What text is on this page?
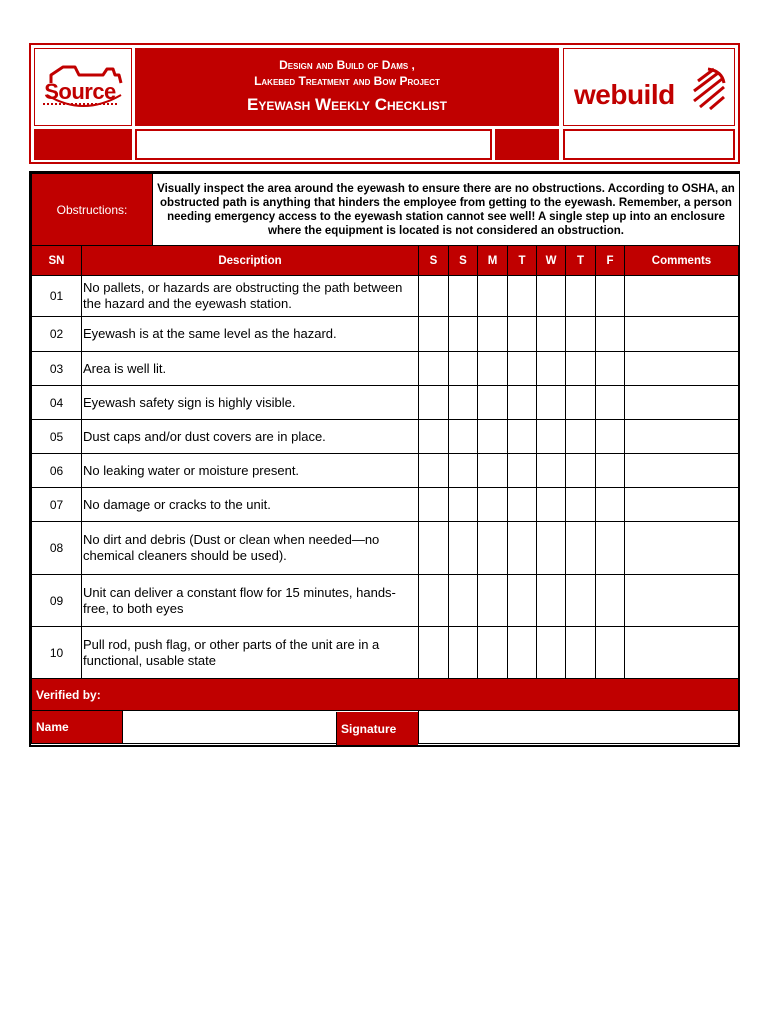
Source
Design and Build of Dams ,
Lakebed Treatment and Bow Project
Eyewash Weekly Checklist	webuild
Obstructions:
Visually inspect the area around the eyewash to ensure there are no obstructions. According to OSHA, an obstructed path is anything that hinders the employee from getting to the eyewash. Remember, a person needing emergency access to the eyewash station cannot see well! A single step up into an enclosure where the equipment is located is not considered an obstruction.									

SN	Description	S	S	M	T	W	T	F	Comments
01	No pallets, or hazards are obstructing the path between the hazard and the eyewash station.								
02	Eyewash is at the same level as the hazard.								
03	Area is well lit.								
04	Eyewash safety sign is highly visible.								
05	Dust caps and/or dust covers are in place.								
06	No leaking water or moisture present.								
07	No damage or cracks to the unit.								
08	No dirt and debris (Dust or clean when needed—no chemical cleaners should be used).								
09	Unit can deliver a constant flow for 15 minutes, hands-free, to both eyes								
10	Pull rod, push flag, or other parts of the unit are in a functional, usable state								
Verified by:									

Name									
		Signature
